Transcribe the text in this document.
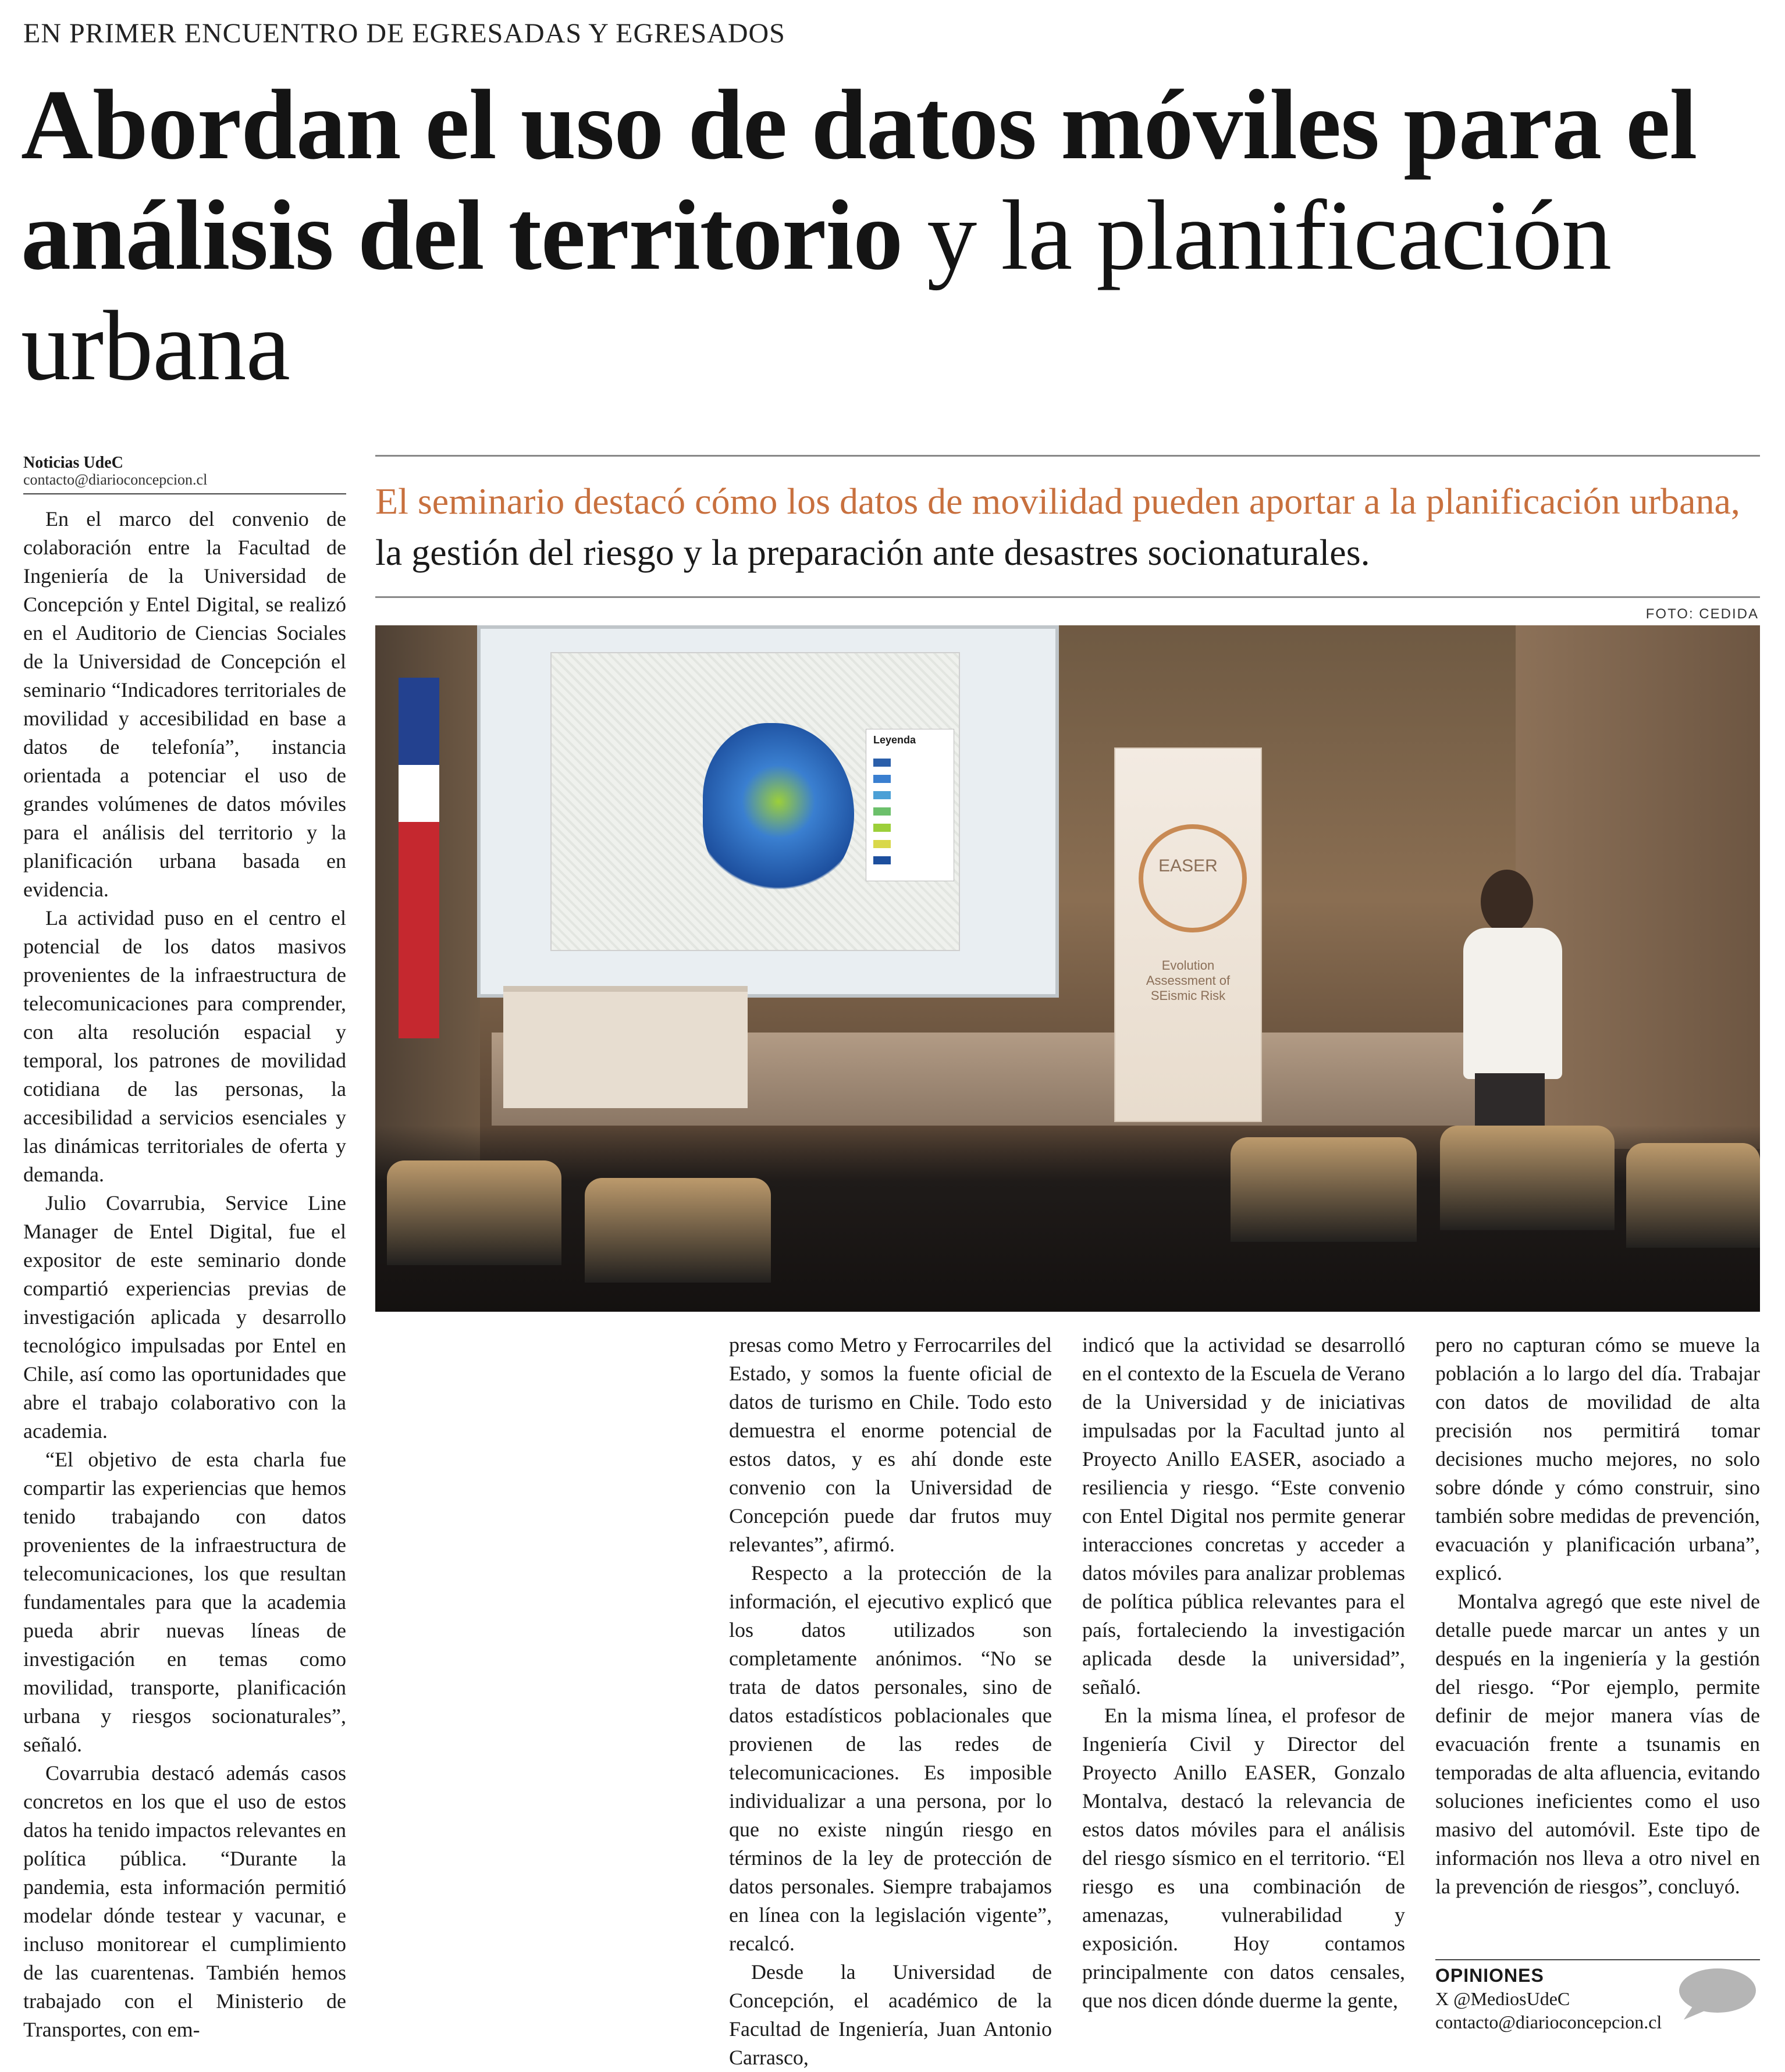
EN PRIMER ENCUENTRO DE EGRESADAS Y EGRESADOS
Abordan el uso de datos móviles para el análisis del territorio y la planificación urbana
Noticias UdeC
contacto@diarioconcepcion.cl
El seminario destacó cómo los datos de movilidad pueden aportar a la planificación urbana, la gestión del riesgo y la preparación ante desastres socionaturales.
FOTO: CEDIDA
Leyenda
EASER
Evolution Assessment of SEismic Risk

En el marco del convenio de colaboración entre la Facultad de Ingeniería de la Universidad de Concepción y Entel Digital, se realizó en el Auditorio de Ciencias Sociales de la Universidad de Concepción el seminario “Indicadores territoriales de movilidad y accesibilidad en base a datos de telefonía”, instancia orientada a potenciar el uso de grandes volúmenes de datos móviles para el análisis del territorio y la planificación urbana basada en evidencia.

La actividad puso en el centro el potencial de los datos masivos provenientes de la infraestructura de telecomunicaciones para comprender, con alta resolución espacial y temporal, los patrones de movilidad cotidiana de las personas, la accesibilidad a servicios esenciales y las dinámicas territoriales de oferta y demanda.

Julio Covarrubia, Service Line Manager de Entel Digital, fue el expositor de este seminario donde compartió experiencias previas de investigación aplicada y desarrollo tecnológico impulsadas por Entel en Chile, así como las oportunidades que abre el trabajo colaborativo con la academia.

“El objetivo de esta charla fue compartir las experiencias que hemos tenido trabajando con datos provenientes de la infraestructura de telecomunicaciones, los que resultan fundamentales para que la academia pueda abrir nuevas líneas de investigación en temas como movilidad, transporte, planificación urbana y riesgos socionaturales”, señaló.

Covarrubia destacó además casos concretos en los que el uso de estos datos ha tenido impactos relevantes en política pública. “Durante la pandemia, esta información permitió modelar dónde testear y vacunar, e incluso monitorear el cumplimiento de las cuarentenas. También hemos trabajado con el Ministerio de Transportes, con em-

presas como Metro y Ferrocarriles del Estado, y somos la fuente oficial de datos de turismo en Chile. Todo esto demuestra el enorme potencial de estos datos, y es ahí donde este convenio con la Universidad de Concepción puede dar frutos muy relevantes”, afirmó.

Respecto a la protección de la información, el ejecutivo explicó que los datos utilizados son completamente anónimos. “No se trata de datos personales, sino de datos estadísticos poblacionales que provienen de las redes de telecomunicaciones. Es imposible individualizar a una persona, por lo que no existe ningún riesgo en términos de la ley de protección de datos personales. Siempre trabajamos en línea con la legislación vigente”, recalcó.

Desde la Universidad de Concepción, el académico de la Facultad de Ingeniería, Juan Antonio Carrasco,

indicó que la actividad se desarrolló en el contexto de la Escuela de Verano de la Universidad y de iniciativas impulsadas por la Facultad junto al Proyecto Anillo EASER, asociado a resiliencia y riesgo. “Este convenio con Entel Digital nos permite generar interacciones concretas y acceder a datos móviles para analizar problemas de política pública relevantes para el país, fortaleciendo la investigación aplicada desde la universidad”, señaló.

En la misma línea, el profesor de Ingeniería Civil y Director del Proyecto Anillo EASER, Gonzalo Montalva, destacó la relevancia de estos datos móviles para el análisis del riesgo sísmico en el territorio. “El riesgo es una combinación de amenazas, vulnerabilidad y exposición. Hoy contamos principalmente con datos censales, que nos dicen dónde duerme la gente,

pero no capturan cómo se mueve la población a lo largo del día. Trabajar con datos de movilidad de alta precisión nos permitirá tomar decisiones mucho mejores, no solo sobre dónde y cómo construir, sino también sobre medidas de prevención, evacuación y planificación urbana”, explicó.

Montalva agregó que este nivel de detalle puede marcar un antes y un después en la ingeniería y la gestión del riesgo. “Por ejemplo, permite definir de mejor manera vías de evacuación frente a tsunamis en temporadas de alta afluencia, evitando soluciones ineficientes como el uso masivo del automóvil. Este tipo de información nos lleva a otro nivel en la prevención de riesgos”, concluyó.

OPINIONES
X @MediosUdeC
contacto@diarioconcepcion.cl
